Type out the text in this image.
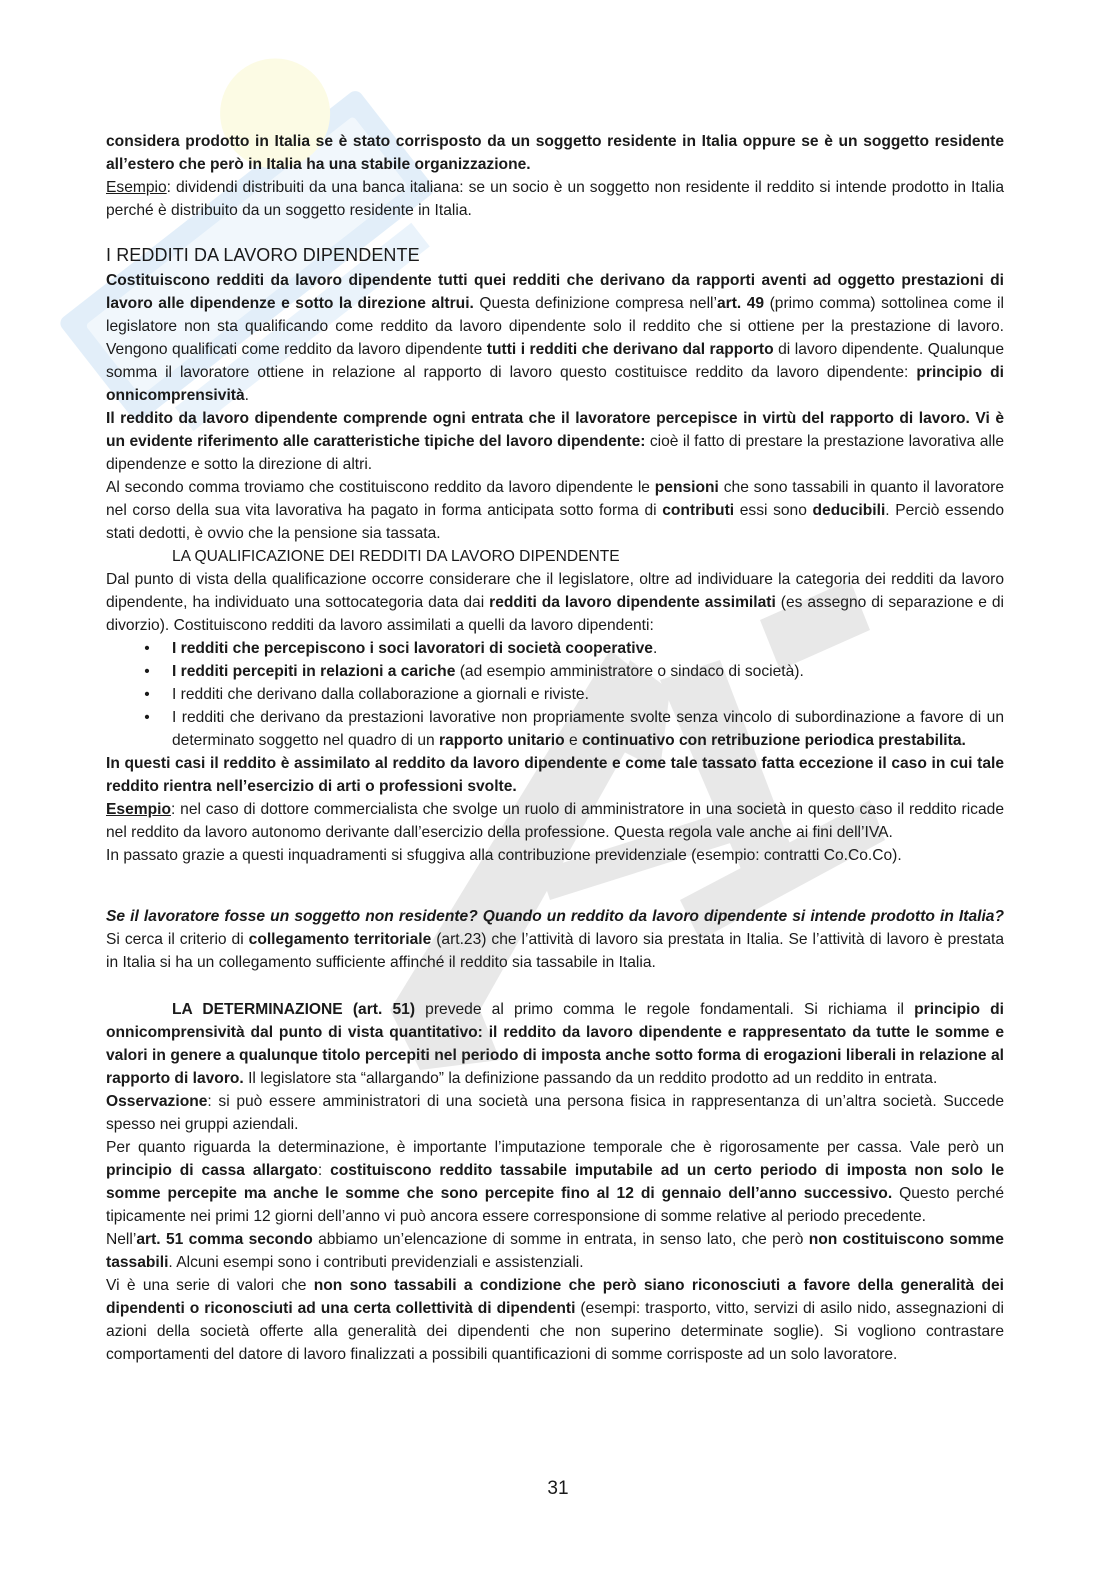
considera prodotto in Italia se è stato corrisposto da un soggetto residente in Italia oppure se è un soggetto residente all’estero che però in Italia ha una stabile organizzazione.

Esempio: dividendi distribuiti da una banca italiana: se un socio è un soggetto non residente il reddito si intende prodotto in Italia perché è distribuito da un soggetto residente in Italia.

I REDDITI DA LAVORO DIPENDENTE

Costituiscono redditi da lavoro dipendente tutti quei redditi che derivano da rapporti aventi ad oggetto prestazioni di lavoro alle dipendenze e sotto la direzione altrui. Questa definizione compresa nell’art. 49 (primo comma) sottolinea come il legislatore non sta qualificando come reddito da lavoro dipendente solo il reddito che si ottiene per la prestazione di lavoro. Vengono qualificati come reddito da lavoro dipendente tutti i redditi che derivano dal rapporto di lavoro dipendente. Qualunque somma il lavoratore ottiene in relazione al rapporto di lavoro questo costituisce reddito da lavoro dipendente: principio di onnicomprensività.

Il reddito da lavoro dipendente comprende ogni entrata che il lavoratore percepisce in virtù del rapporto di lavoro. Vi è un evidente riferimento alle caratteristiche tipiche del lavoro dipendente: cioè il fatto di prestare la prestazione lavorativa alle dipendenze e sotto la direzione di altri.

Al secondo comma troviamo che costituiscono reddito da lavoro dipendente le pensioni che sono tassabili in quanto il lavoratore nel corso della sua vita lavorativa ha pagato in forma anticipata sotto forma di contributi essi sono deducibili. Perciò essendo stati dedotti, è ovvio che la pensione sia tassata.

LA QUALIFICAZIONE DEI REDDITI DA LAVORO DIPENDENTE

Dal punto di vista della qualificazione occorre considerare che il legislatore, oltre ad individuare la categoria dei redditi da lavoro dipendente, ha individuato una sottocategoria data dai redditi da lavoro dipendente assimilati (es assegno di separazione e di divorzio). Costituiscono redditi da lavoro assimilati a quelli da lavoro dipendenti:

• I redditi che percepiscono i soci lavoratori di società cooperative.
• I redditi percepiti in relazioni a cariche (ad esempio amministratore o sindaco di società).
• I redditi che derivano dalla collaborazione a giornali e riviste.
• I redditi che derivano da prestazioni lavorative non propriamente svolte senza vincolo di subordinazione a favore di un determinato soggetto nel quadro di un rapporto unitario e continuativo con retribuzione periodica prestabilita.

In questi casi il reddito è assimilato al reddito da lavoro dipendente e come tale tassato fatta eccezione il caso in cui tale reddito rientra nell’esercizio di arti o professioni svolte.

Esempio: nel caso di dottore commercialista che svolge un ruolo di amministratore in una società in questo caso il reddito ricade nel reddito da lavoro autonomo derivante dall’esercizio della professione. Questa regola vale anche ai fini dell’IVA.

In passato grazie a questi inquadramenti si sfuggiva alla contribuzione previdenziale (esempio: contratti Co.Co.Co).

Se il lavoratore fosse un soggetto non residente? Quando un reddito da lavoro dipendente si intende prodotto in Italia? Si cerca il criterio di collegamento territoriale (art.23) che l’attività di lavoro sia prestata in Italia. Se l’attività di lavoro è prestata in Italia si ha un collegamento sufficiente affinché il reddito sia tassabile in Italia.

LA DETERMINAZIONE (art. 51) prevede al primo comma le regole fondamentali. Si richiama il principio di onnicomprensività dal punto di vista quantitativo: il reddito da lavoro dipendente e rappresentato da tutte le somme e valori in genere a qualunque titolo percepiti nel periodo di imposta anche sotto forma di erogazioni liberali in relazione al rapporto di lavoro. Il legislatore sta “allargando” la definizione passando da un reddito prodotto ad un reddito in entrata.

Osservazione: si può essere amministratori di una società una persona fisica in rappresentanza di un’altra società. Succede spesso nei gruppi aziendali.

Per quanto riguarda la determinazione, è importante l’imputazione temporale che è rigorosamente per cassa. Vale però un principio di cassa allargato: costituiscono reddito tassabile imputabile ad un certo periodo di imposta non solo le somme percepite ma anche le somme che sono percepite fino al 12 di gennaio dell’anno successivo. Questo perché tipicamente nei primi 12 giorni dell’anno vi può ancora essere corresponsione di somme relative al periodo precedente.

Nell’art. 51 comma secondo abbiamo un’elencazione di somme in entrata, in senso lato, che però non costituiscono somme tassabili. Alcuni esempi sono i contributi previdenziali e assistenziali.

Vi è una serie di valori che non sono tassabili a condizione che però siano riconosciuti a favore della generalità dei dipendenti o riconosciuti ad una certa collettività di dipendenti (esempi: trasporto, vitto, servizi di asilo nido, assegnazioni di azioni della società offerte alla generalità dei dipendenti che non superino determinate soglie). Si vogliono contrastare comportamenti del datore di lavoro finalizzati a possibili quantificazioni di somme corrisposte ad un solo lavoratore.

31
